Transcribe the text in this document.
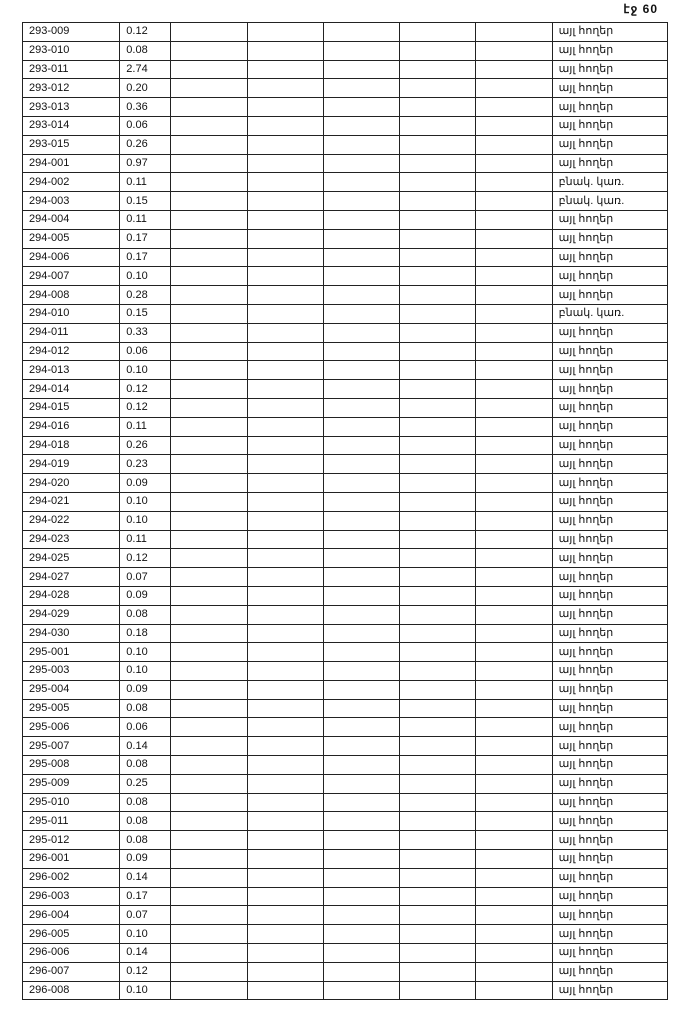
էջ 60
293-009	0.12						այլ հողեր
293-010	0.08						այլ հողեր
293-011	2.74						այլ հողեր
293-012	0.20						այլ հողեր
293-013	0.36						այլ հողեր
293-014	0.06						այլ հողեր
293-015	0.26						այլ հողեր
294-001	0.97						այլ հողեր
294-002	0.11						բնակ. կառ.
294-003	0.15						բնակ. կառ.
294-004	0.11						այլ հողեր
294-005	0.17						այլ հողեր
294-006	0.17						այլ հողեր
294-007	0.10						այլ հողեր
294-008	0.28						այլ հողեր
294-010	0.15						բնակ. կառ.
294-011	0.33						այլ հողեր
294-012	0.06						այլ հողեր
294-013	0.10						այլ հողեր
294-014	0.12						այլ հողեր
294-015	0.12						այլ հողեր
294-016	0.11						այլ հողեր
294-018	0.26						այլ հողեր
294-019	0.23						այլ հողեր
294-020	0.09						այլ հողեր
294-021	0.10						այլ հողեր
294-022	0.10						այլ հողեր
294-023	0.11						այլ հողեր
294-025	0.12						այլ հողեր
294-027	0.07						այլ հողեր
294-028	0.09						այլ հողեր
294-029	0.08						այլ հողեր
294-030	0.18						այլ հողեր
295-001	0.10						այլ հողեր
295-003	0.10						այլ հողեր
295-004	0.09						այլ հողեր
295-005	0.08						այլ հողեր
295-006	0.06						այլ հողեր
295-007	0.14						այլ հողեր
295-008	0.08						այլ հողեր
295-009	0.25						այլ հողեր
295-010	0.08						այլ հողեր
295-011	0.08						այլ հողեր
295-012	0.08						այլ հողեր
296-001	0.09						այլ հողեր
296-002	0.14						այլ հողեր
296-003	0.17						այլ հողեր
296-004	0.07						այլ հողեր
296-005	0.10						այլ հողեր
296-006	0.14						այլ հողեր
296-007	0.12						այլ հողեր
296-008	0.10						այլ հողեր
